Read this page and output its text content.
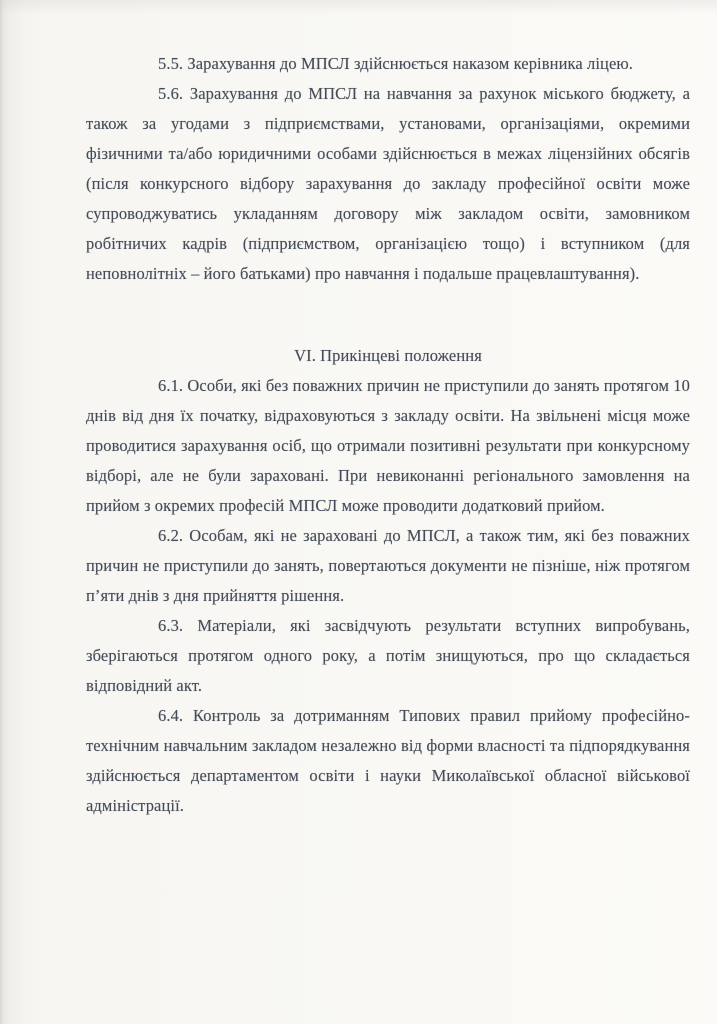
5.5. Зарахування до МПСЛ здійснюється наказом керівника ліцею.

5.6. Зарахування до МПСЛ на навчання за рахунок міського бюджету, а також за угодами з підприємствами, установами, організаціями, окремими фізичними та/або юридичними особами здійснюється в межах ліцензійних обсягів (після конкурсного відбору зарахування до закладу професійної освіти може супроводжуватись укладанням договору між закладом освіти, замовником робітничих кадрів (підприємством, організацією тощо) і вступником (для неповнолітніх – його батьками) про навчання і подальше працевлаштування).

VI. Прикінцеві положення

6.1. Особи, які без поважних причин не приступили до занять протягом 10 днів від дня їх початку, відраховуються з закладу освіти. На звільнені місця може проводитися зарахування осіб, що отримали позитивні результати при конкурсному відборі, але не були зараховані. При невиконанні регіонального замовлення на прийом з окремих професій МПСЛ може проводити додатковий прийом.

6.2. Особам, які не зараховані до МПСЛ, а також тим, які без поважних причин не приступили до занять, повертаються документи не пізніше, ніж протягом п’яти днів з дня прийняття рішення.

6.3. Матеріали, які засвідчують результати вступних випробувань, зберігаються протягом одного року, а потім знищуються, про що складається відповідний акт.

6.4. Контроль за дотриманням Типових правил прийому професійно-технічним навчальним закладом незалежно від форми власності та підпорядкування здійснюється департаментом освіти і науки Миколаївської обласної військової адміністрації.
